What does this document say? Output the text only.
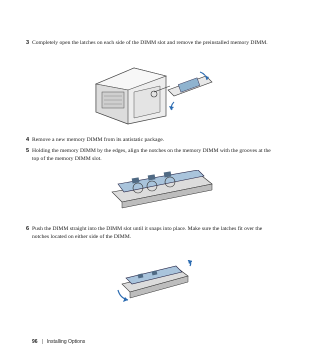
3 Completely open the latches on each side of the DIMM slot and remove the preinstalled memory DIMM.
4 Remove a new memory DIMM from its antistatic package.
5 Holding the memory DIMM by the edges, align the notches on the memory DIMM with the grooves at the top of the memory DIMM slot.
6 Push the DIMM straight into the DIMM slot until it snaps into place. Make sure the latches fit over the notches located on either side of the DIMM.
96 | Installing Options
